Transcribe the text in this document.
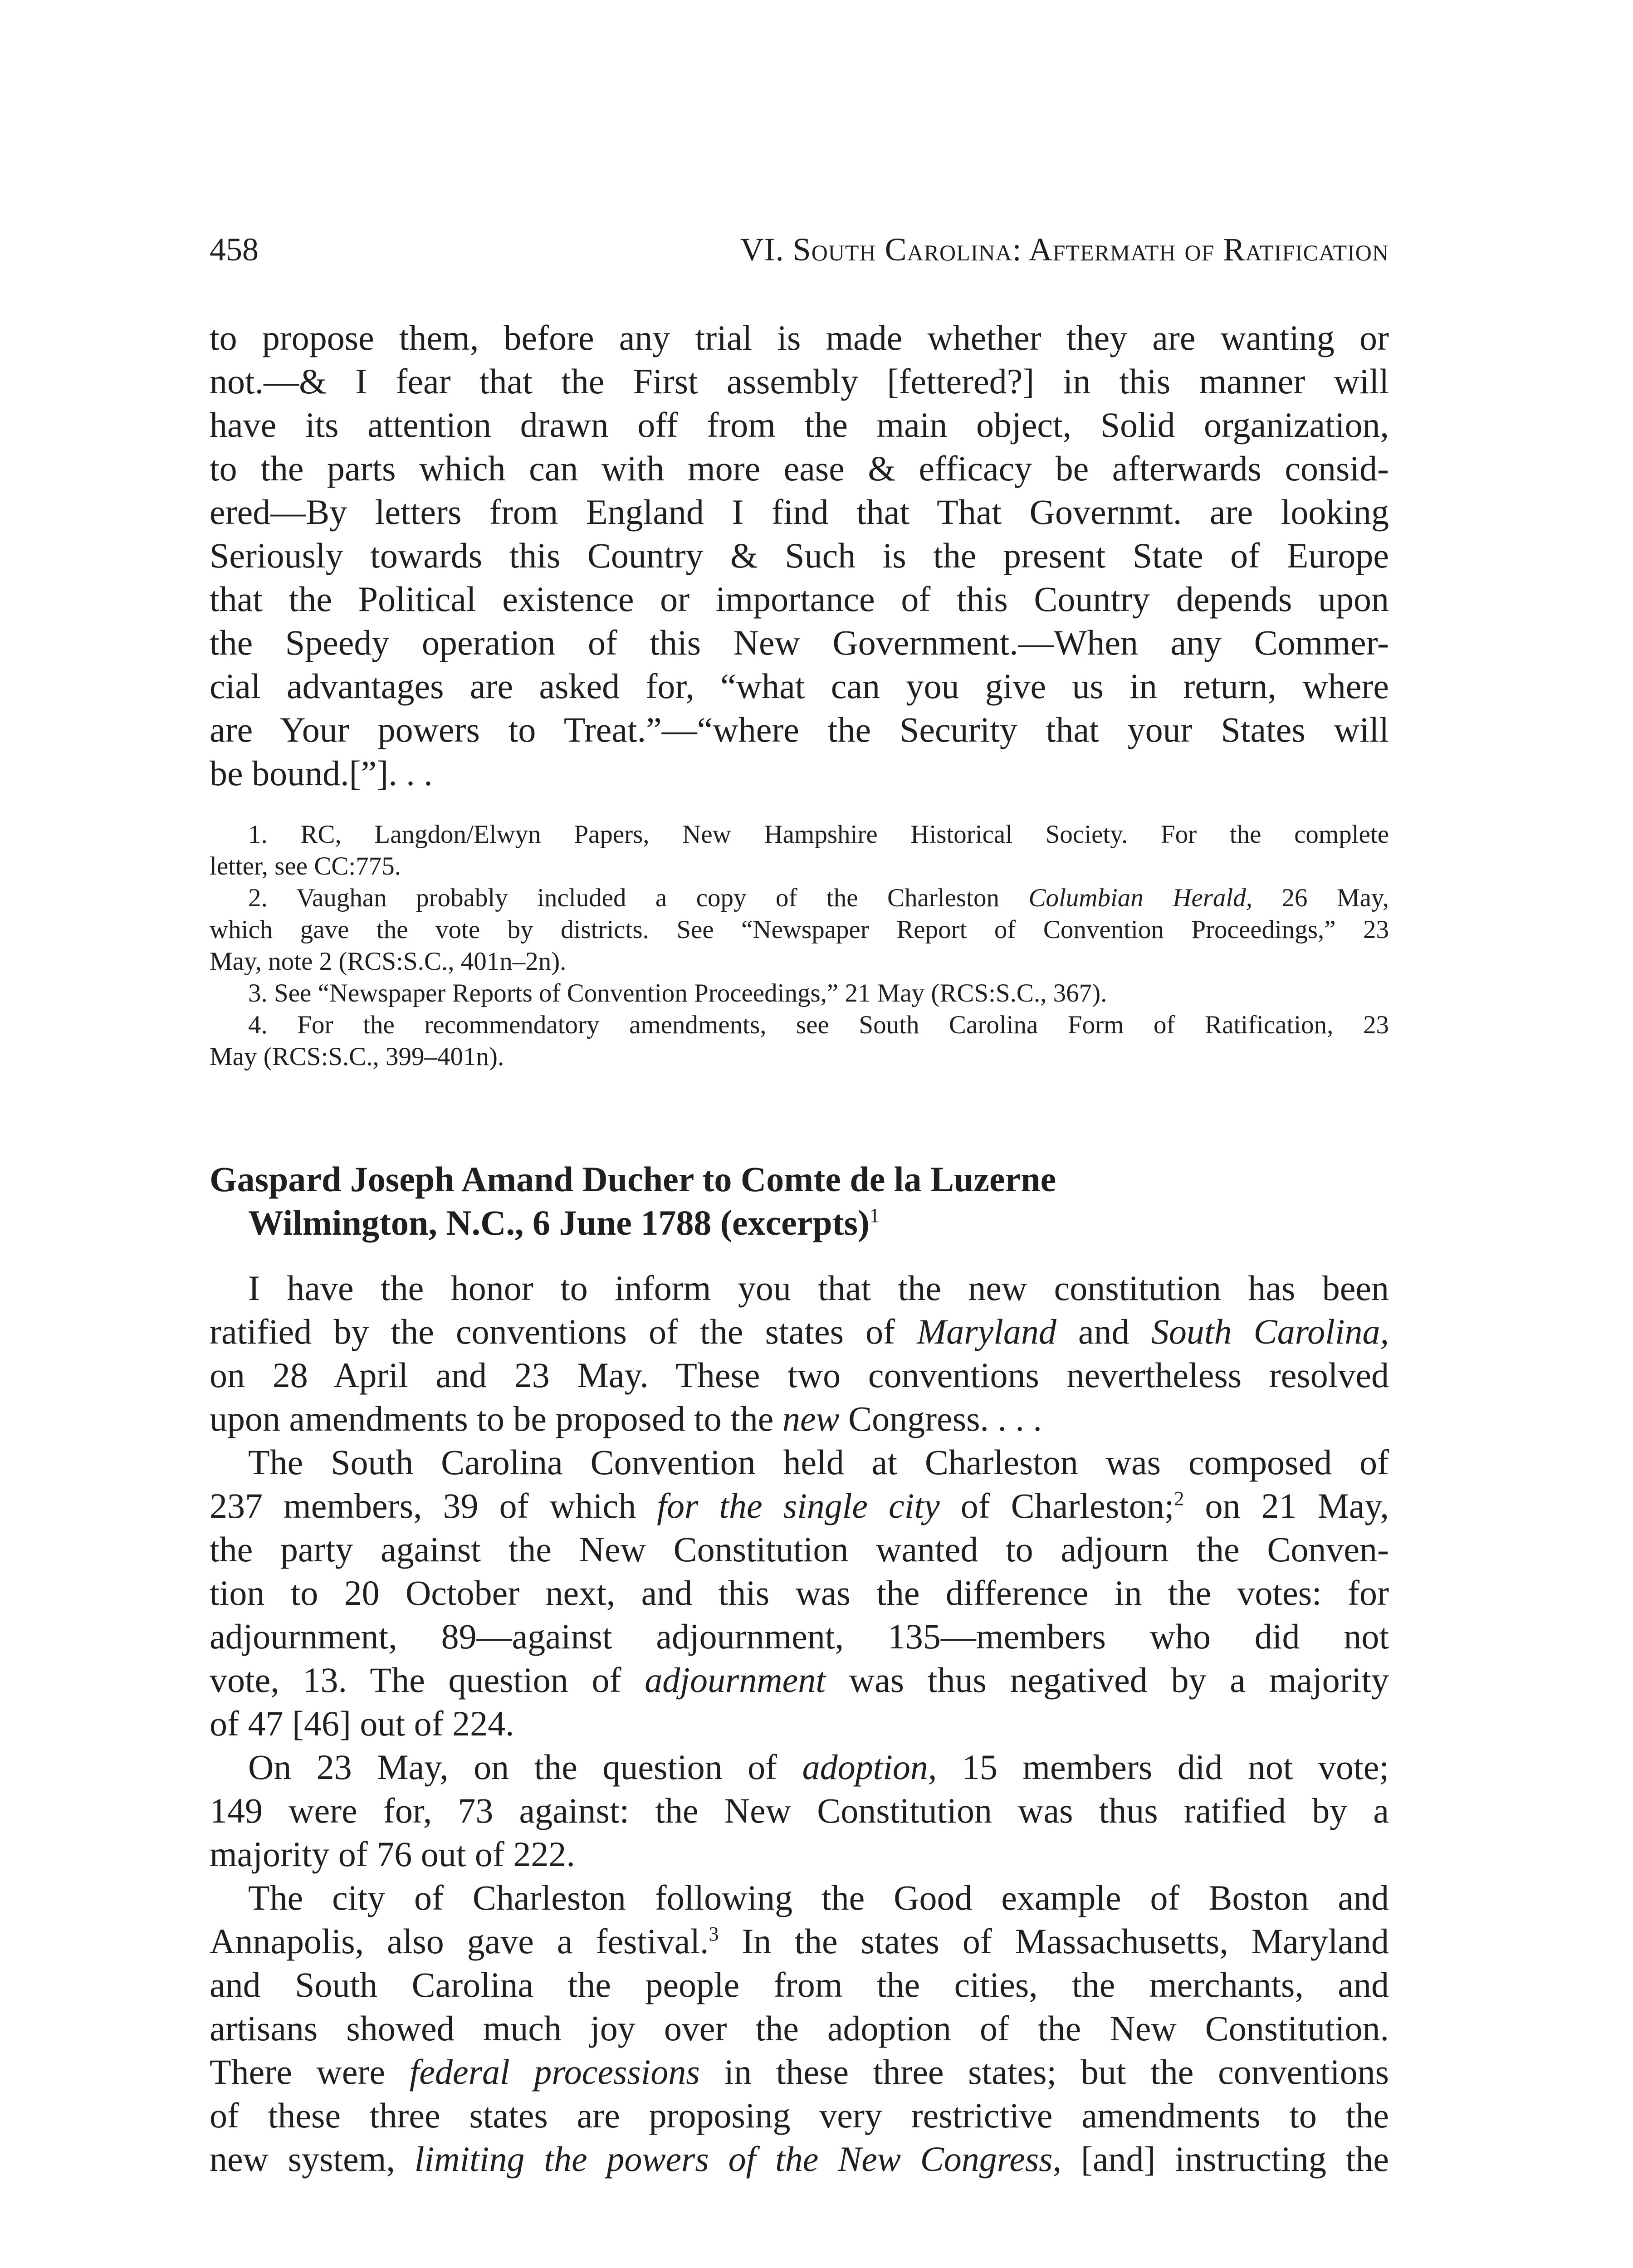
458	VI. South Carolina: Aftermath of Ratification
to propose them, before any trial is made whether they are wanting or
not.—& I fear that the First assembly [fettered?] in this manner will
have its attention drawn off from the main object, Solid organization,
to the parts which can with more ease & efficacy be afterwards consid-
ered—By letters from England I find that That Governmt. are looking
Seriously towards this Country & Such is the present State of Europe
that the Political existence or importance of this Country depends upon
the Speedy operation of this New Government.—When any Commer-
cial advantages are asked for, “what can you give us in return, where
are Your powers to Treat.”—“where the Security that your States will
be bound.[”]. . .
1. RC, Langdon/Elwyn Papers, New Hampshire Historical Society. For the complete
letter, see CC:775.
2. Vaughan probably included a copy of the Charleston Columbian Herald, 26 May,
which gave the vote by districts. See “Newspaper Report of Convention Proceedings,” 23
May, note 2 (RCS:S.C., 401n–2n).
3. See “Newspaper Reports of Convention Proceedings,” 21 May (RCS:S.C., 367).
4. For the recommendatory amendments, see South Carolina Form of Ratification, 23
May (RCS:S.C., 399–401n).
Gaspard Joseph Amand Ducher to Comte de la Luzerne
Wilmington, N.C., 6 June 1788 (excerpts)$^1$
I have the honor to inform you that the new constitution has been
ratified by the conventions of the states of Maryland and South Carolina,
on 28 April and 23 May. These two conventions nevertheless resolved
upon amendments to be proposed to the new Congress. . . .
The South Carolina Convention held at Charleston was composed of
237 members, 39 of which for the single city of Charleston;$^2$ on 21 May,
the party against the New Constitution wanted to adjourn the Conven-
tion to 20 October next, and this was the difference in the votes: for
adjournment, 89—against adjournment, 135—members who did not
vote, 13. The question of adjournment was thus negatived by a majority
of 47 [46] out of 224.
On 23 May, on the question of adoption, 15 members did not vote;
149 were for, 73 against: the New Constitution was thus ratified by a
majority of 76 out of 222.
The city of Charleston following the Good example of Boston and
Annapolis, also gave a festival.$^3$ In the states of Massachusetts, Maryland
and South Carolina the people from the cities, the merchants, and
artisans showed much joy over the adoption of the New Constitution.
There were federal processions in these three states; but the conventions
of these three states are proposing very restrictive amendments to the
new system, limiting the powers of the New Congress, [and] instructing the
